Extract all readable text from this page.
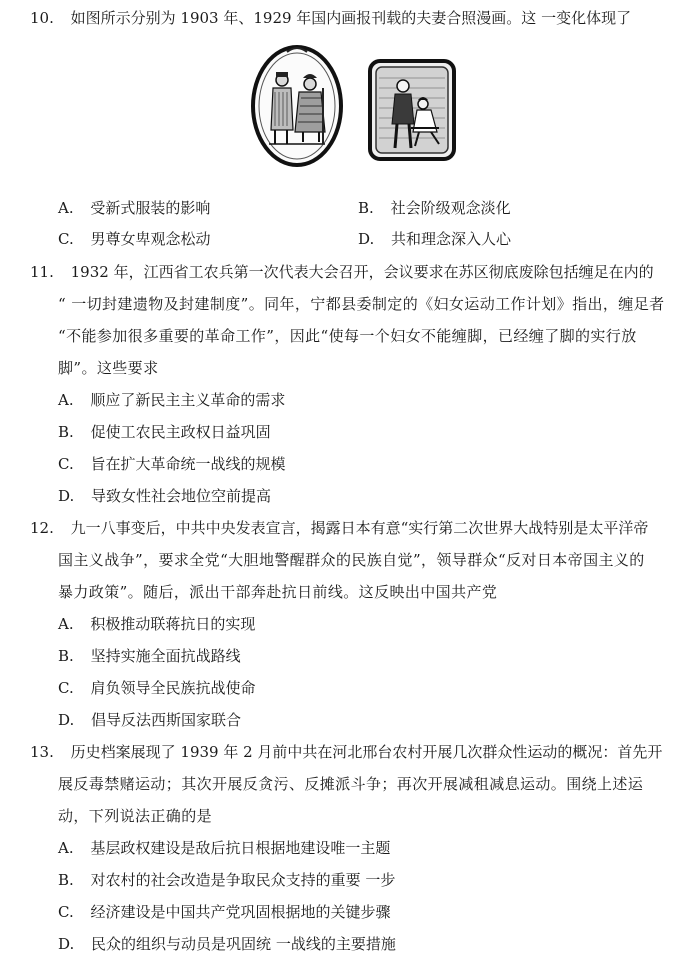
10. 如图所示分别为 1903 年、1929 年国内画报刊载的夫妻合照漫画。这 一变化体现了
A. 受新式服装的影响	B. 社会阶级观念淡化
C. 男尊女卑观念松动	D. 共和理念深入人心
11. 1932 年，江西省工农兵第一次代表大会召开，会议要求在苏区彻底废除包括缠足在内的
“ 一切封建遗物及封建制度”。同年，宁都县委制定的《妇女运动工作计划》指出，缠足者
“不能参加很多重要的革命工作”，因此“使每一个妇女不能缠脚，已经缠了脚的实行放
脚”。这些要求
A. 顺应了新民主主义革命的需求
B. 促使工农民主政权日益巩固
C. 旨在扩大革命统一战线的规模
D. 导致女性社会地位空前提高
12. 九一八事变后，中共中央发表宣言，揭露日本有意“实行第二次世界大战特别是太平洋帝
国主义战争”，要求全党“大胆地警醒群众的民族自觉”，领导群众“反对日本帝国主义的
暴力政策”。随后，派出干部奔赴抗日前线。这反映出中国共产党
A. 积极推动联蒋抗日的实现
B. 坚持实施全面抗战路线
C. 肩负领导全民族抗战使命
D. 倡导反法西斯国家联合
13. 历史档案展现了 1939 年 2 月前中共在河北邢台农村开展几次群众性运动的概况：首先开
展反毒禁赌运动；其次开展反贪污、反摊派斗争；再次开展减租减息运动。围绕上述运
动，下列说法正确的是
A. 基层政权建设是敌后抗日根据地建设唯一主题
B. 对农村的社会改造是争取民众支持的重要 一步
C. 经济建设是中国共产党巩固根据地的关键步骤
D. 民众的组织与动员是巩固统 一战线的主要措施
